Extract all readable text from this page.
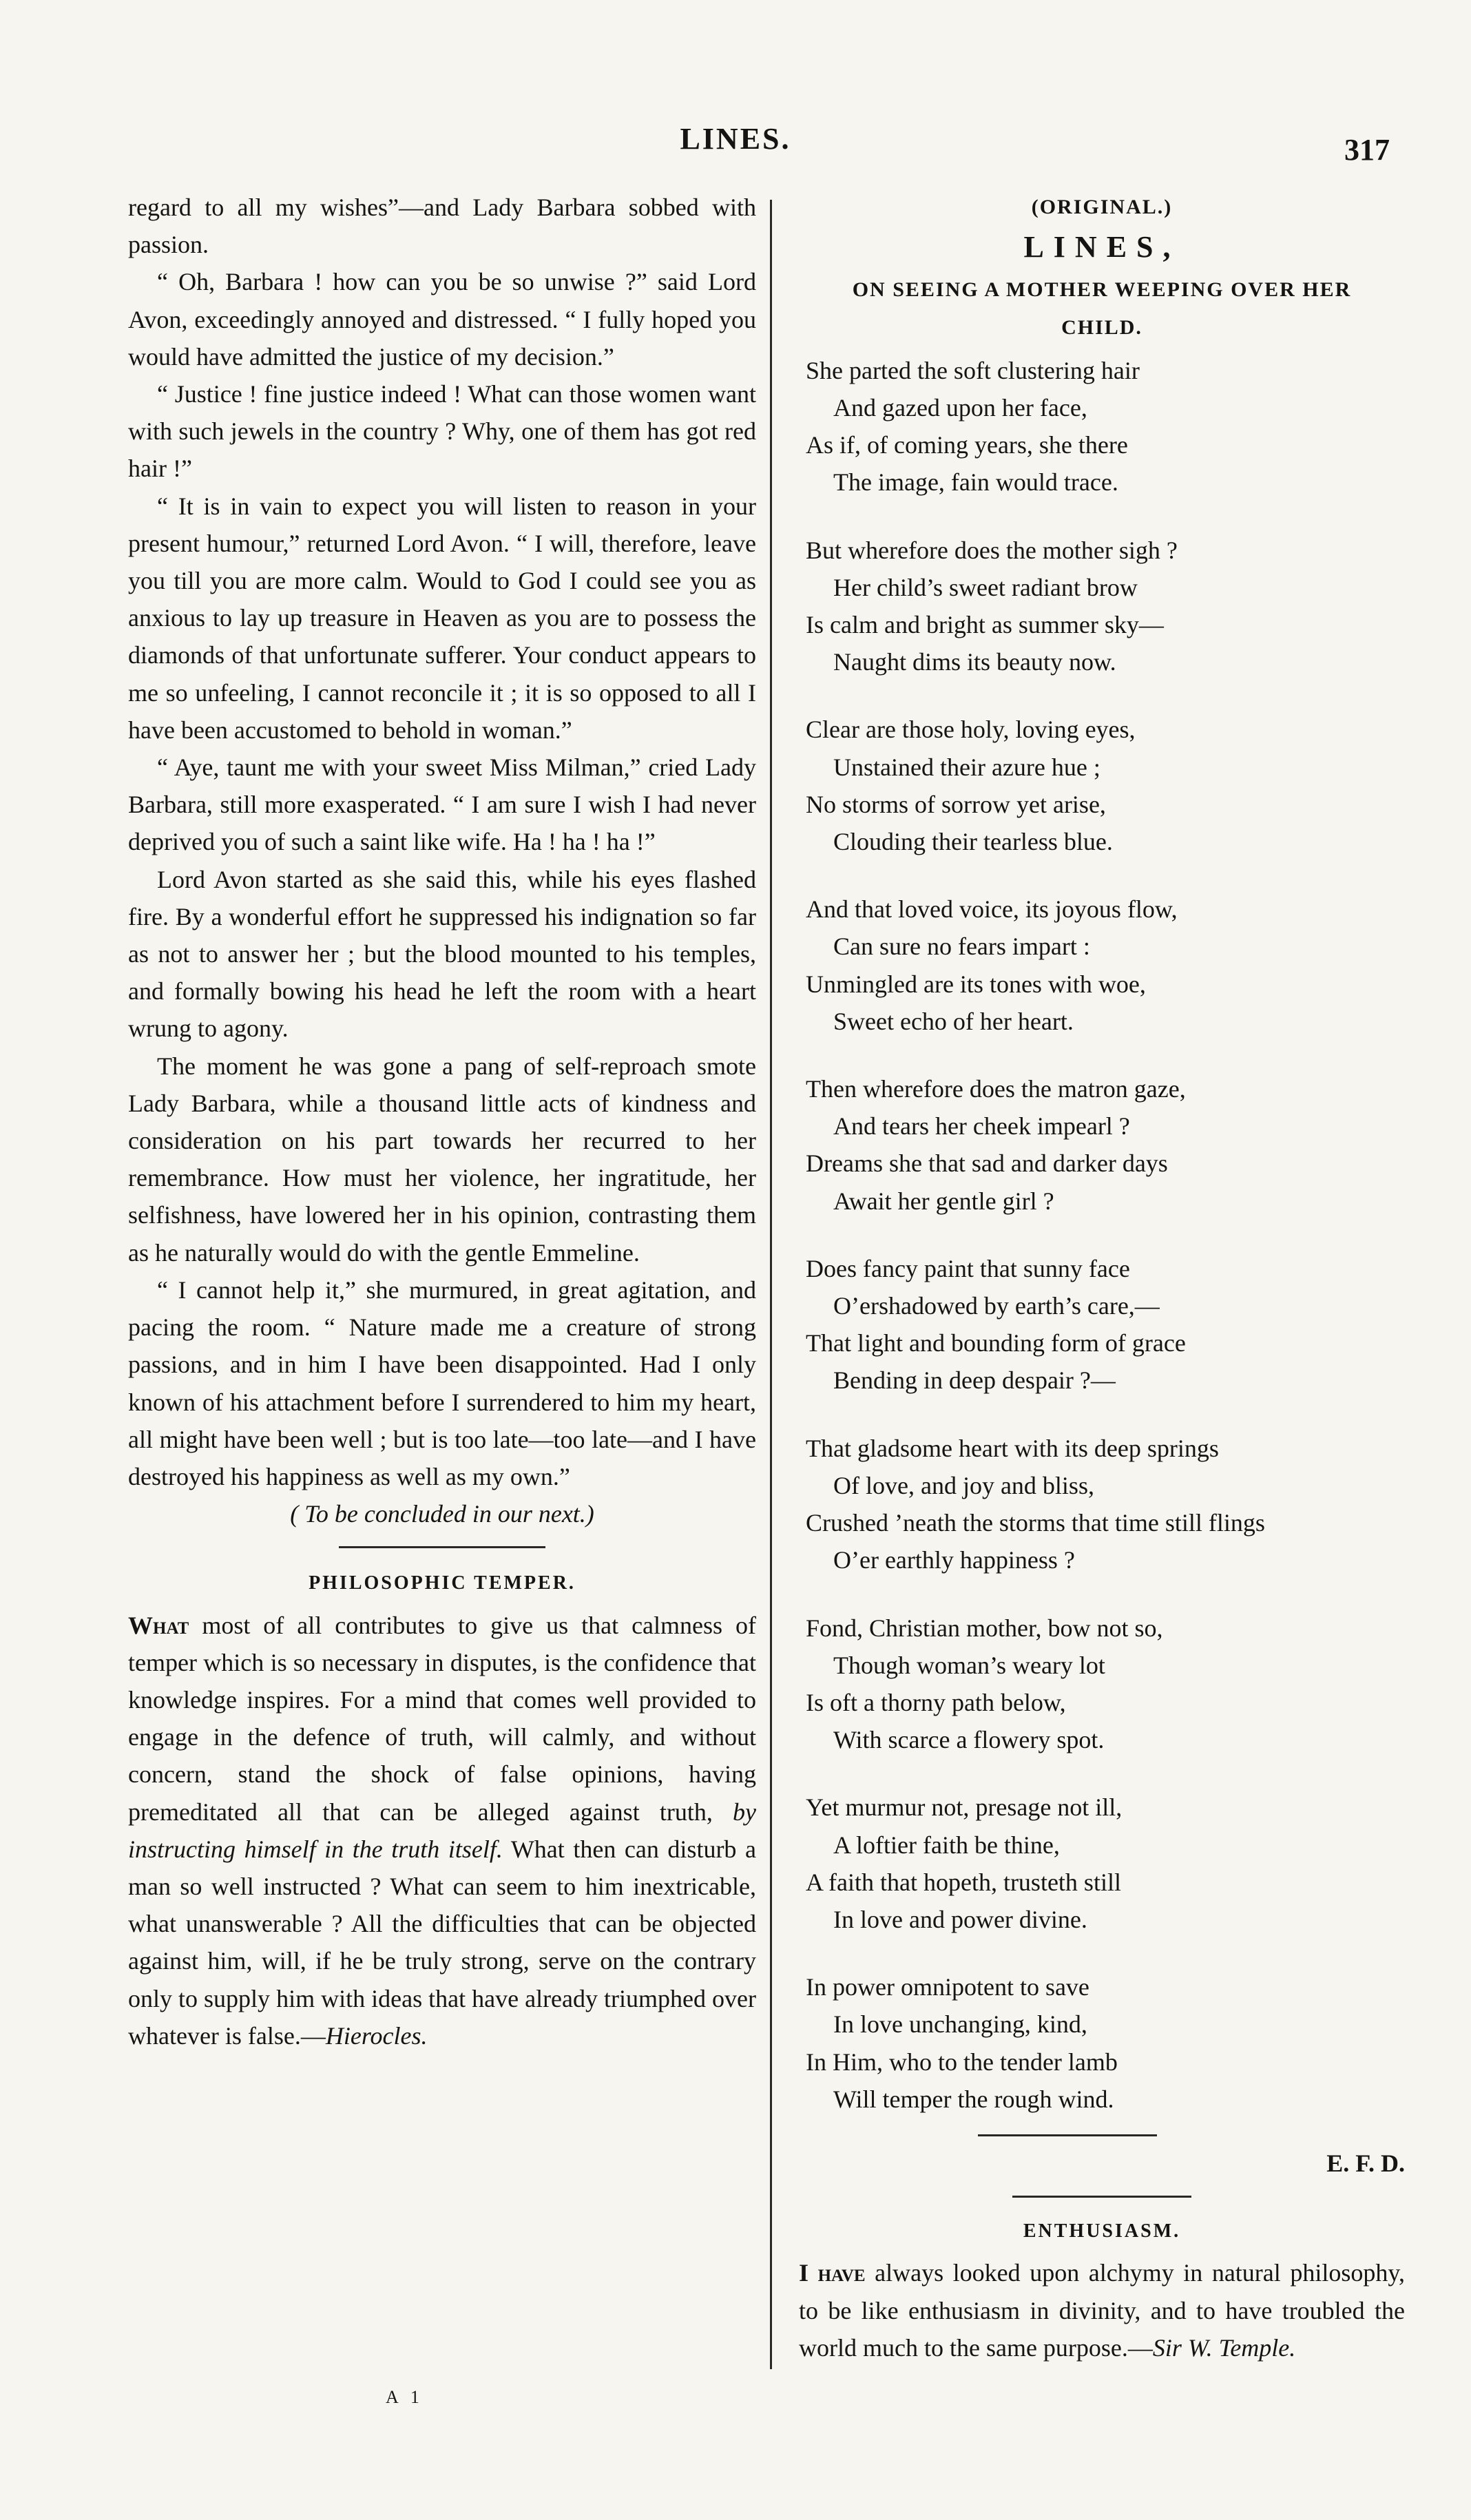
LINES.	317

regard to all my wishes”—and Lady Barbara sobbed with passion.

“ Oh, Barbara ! how can you be so unwise ?” said Lord Avon, exceedingly annoyed and distressed. “ I fully hoped you would have admitted the justice of my decision.”

“ Justice ! fine justice indeed ! What can those women want with such jewels in the country ? Why, one of them has got red hair !”

“ It is in vain to expect you will listen to reason in your present humour,” returned Lord Avon. “ I will, therefore, leave you till you are more calm. Would to God I could see you as anxious to lay up treasure in Heaven as you are to possess the diamonds of that unfortunate sufferer. Your conduct appears to me so unfeeling, I cannot reconcile it ; it is so opposed to all I have been accustomed to behold in woman.”

“ Aye, taunt me with your sweet Miss Milman,” cried Lady Barbara, still more exasperated. “ I am sure I wish I had never deprived you of such a saint like wife. Ha ! ha ! ha !”

Lord Avon started as she said this, while his eyes flashed fire. By a wonderful effort he suppressed his indignation so far as not to answer her ; but the blood mounted to his temples, and formally bowing his head he left the room with a heart wrung to agony.

The moment he was gone a pang of self-reproach smote Lady Barbara, while a thousand little acts of kindness and consideration on his part towards her recurred to her remembrance. How must her violence, her ingratitude, her selfishness, have lowered her in his opinion, contrasting them as he naturally would do with the gentle Emmeline.

“ I cannot help it,” she murmured, in great agitation, and pacing the room. “ Nature made me a creature of strong passions, and in him I have been disappointed. Had I only known of his attachment before I surrendered to him my heart, all might have been well ; but is too late—too late—and I have destroyed his happiness as well as my own.”

( To be concluded in our next.)
PHILOSOPHIC TEMPER.

What most of all contributes to give us that calmness of temper which is so necessary in disputes, is the confidence that knowledge inspires. For a mind that comes well provided to engage in the defence of truth, will calmly, and without concern, stand the shock of false opinions, having premeditated all that can be alleged against truth, by instructing himself in the truth itself. What then can disturb a man so well instructed ? What can seem to him inextricable, what unanswerable ? All the difficulties that can be objected against him, will, if he be truly strong, serve on the contrary only to supply him with ideas that have already triumphed over whatever is false.—Hierocles.

(ORIGINAL.)
LINES,
ON SEEING A MOTHER WEEPING OVER HER
CHILD.
She parted the soft clustering hair
And gazed upon her face,
As if, of coming years, she there
The image, fain would trace.
But wherefore does the mother sigh ?
Her child’s sweet radiant brow
Is calm and bright as summer sky—
Naught dims its beauty now.
Clear are those holy, loving eyes,
Unstained their azure hue ;
No storms of sorrow yet arise,
Clouding their tearless blue.
And that loved voice, its joyous flow,
Can sure no fears impart :
Unmingled are its tones with woe,
Sweet echo of her heart.
Then wherefore does the matron gaze,
And tears her cheek impearl ?
Dreams she that sad and darker days
Await her gentle girl ?
Does fancy paint that sunny face
O’ershadowed by earth’s care,—
That light and bounding form of grace
Bending in deep despair ?—
That gladsome heart with its deep springs
Of love, and joy and bliss,
Crushed ’neath the storms that time still flings
O’er earthly happiness ?
Fond, Christian mother, bow not so,
Though woman’s weary lot
Is oft a thorny path below,
With scarce a flowery spot.
Yet murmur not, presage not ill,
A loftier faith be thine,
A faith that hopeth, trusteth still
In love and power divine.
In power omnipotent to save
In love unchanging, kind,
In Him, who to the tender lamb
Will temper the rough wind.
E. F. D.
ENTHUSIASM.
I have always looked upon alchymy in natural philosophy, to be like enthusiasm in divinity, and to have troubled the world much to the same purpose.—Sir W. Temple.
A 1
